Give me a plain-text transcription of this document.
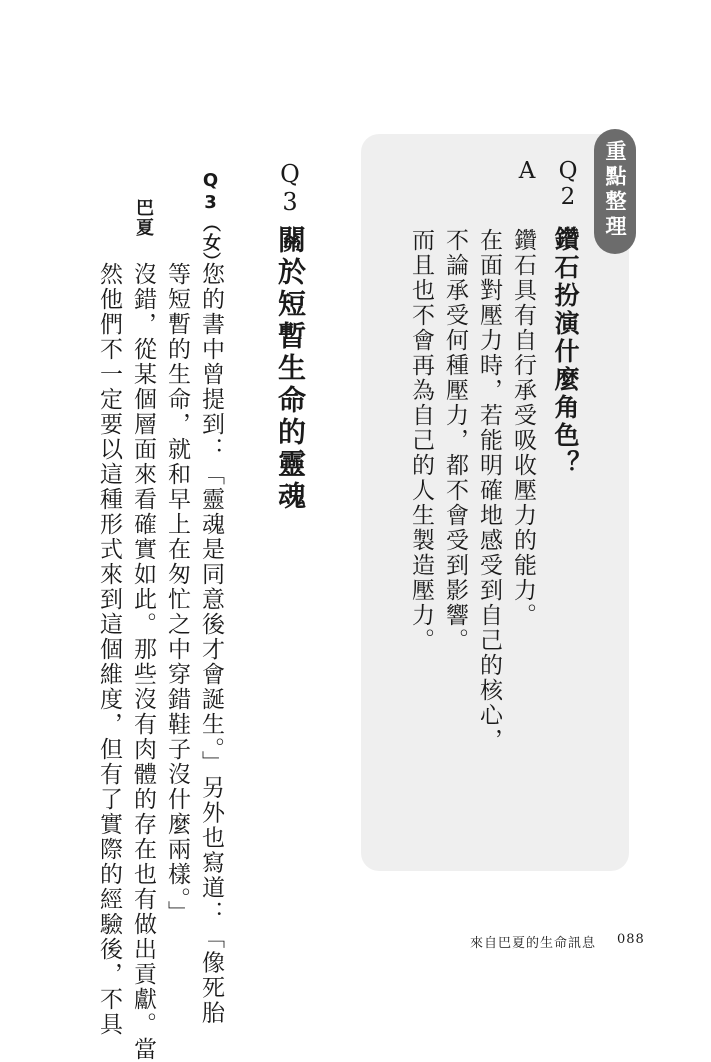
重點整理
Q2
鑽石扮演什麼角色？
A
鑽石具有自行承受吸收壓力的能力。
在面對壓力時，若能明確地感受到自己的核心，
不論承受何種壓力，都不會受到影響。
而且也不會再為自己的人生製造壓力。
Q3
關於短暫生命的靈魂
Q3（女）
巴夏
您的書中曾提到：「靈魂是同意後才會誕生。」另外也寫道：「像死胎
等短暫的生命，就和早上在匆忙之中穿錯鞋子沒什麼兩樣。」
沒錯，從某個層面來看確實如此。那些沒有肉體的存在也有做出貢獻。當
然他們不一定要以這種形式來到這個維度，但有了實際的經驗後，不具	來自巴夏的生命訊息 088
